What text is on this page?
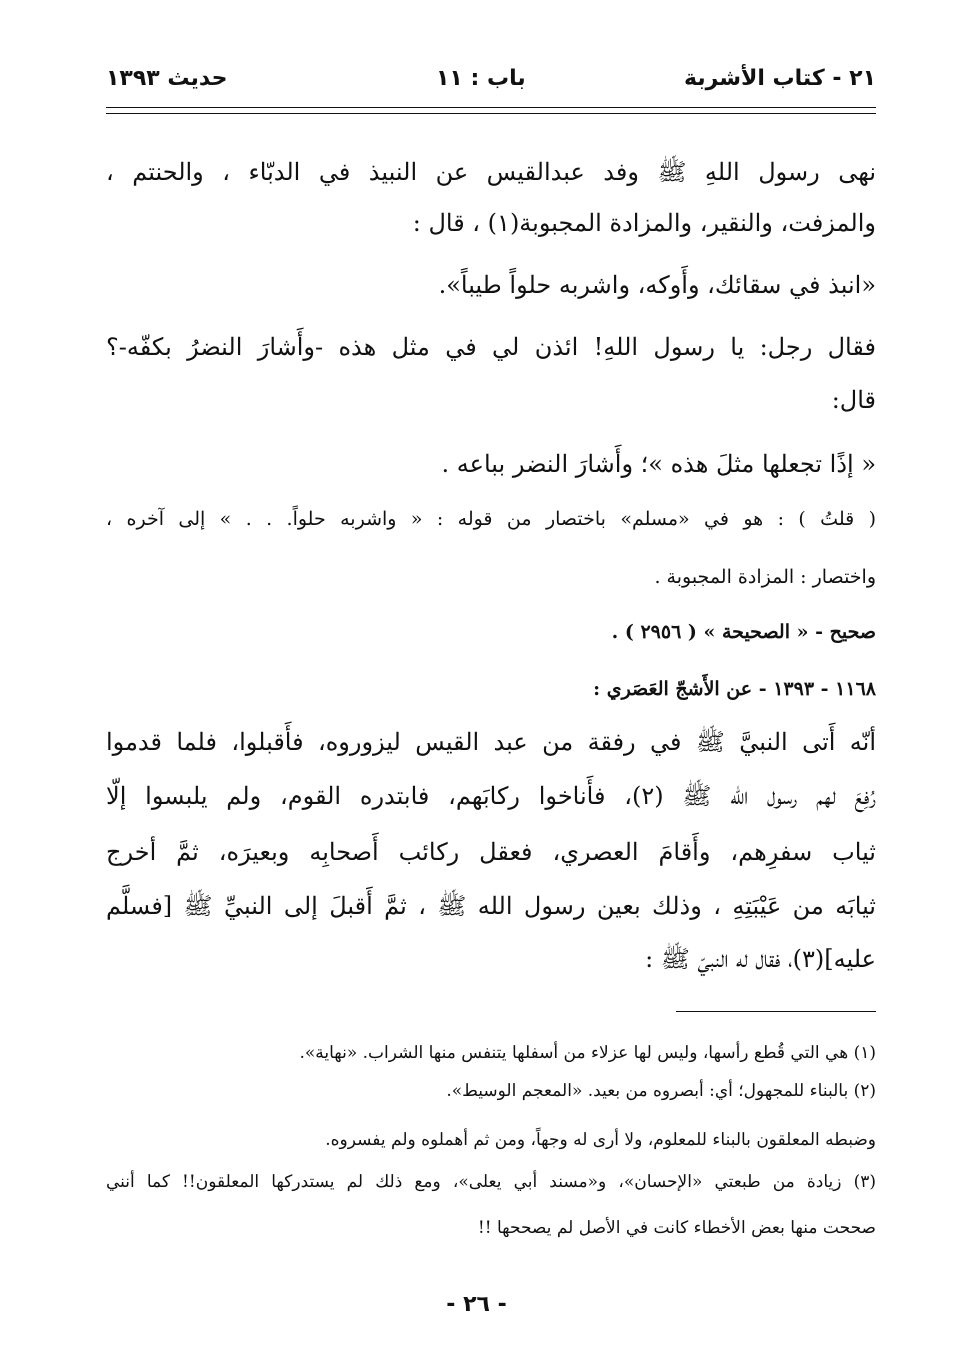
٢١ - كتاب الأشربة
باب : ١١
حديث ١٣٩٣
نهى رسول اللهِ ﷺ وفد عبدالقيس عن النبيذ في الدبّاء ، والحنتم ،
والمزفت، والنقير، والمزادة المجبوبة(١) ، قال :
«انبذ في سقائك، وأَوكه، واشربه حلواً طيباً».
فقال رجل: يا رسول اللهِ! ائذن لي في مثل هذه -وأَشارَ النضرُ بكفّه-؟
قال:
« إذًا تجعلها مثلَ هذه »؛ وأَشارَ النضر بباعه .
( قلتُ ) : هو في «مسلم» باختصار من قوله : « واشربه حلواً. . . » إلى آخره ،
واختصار : المزادة المجبوبة .
صحيح - « الصحيحة » ( ٢٩٥٦ ) .
١١٦٨ - ١٣٩٣ - عن الأَشجّ العَصَري :
أنّه أَتى النبيَّ ﷺ في رفقة من عبد القيس ليزوروه، فأَقبلوا، فلما قدموا
رُفِعَ لهم رسول الله ﷺ (٢)، فأَناخوا ركابَهم، فابتدره القوم، ولم يلبسوا إلّا
ثياب سفرِهم، وأَقامَ العصري، فعقل ركائب أَصحابِه وبعيرَه، ثمَّ أخرج
ثيابَه من عَيْبَتِهِ ، وذلك بعين رسول الله ﷺ ، ثمَّ أَقبلَ إلى النبيِّ ﷺ [فسلَّم
عليه](٣)، فقال له النبيّ ﷺ :
(١) هي التي قُطع رأسها، وليس لها عزلاء من أسفلها يتنفس منها الشراب. «نهاية».
(٢) بالبناء للمجهول؛ أي: أبصروه من بعيد. «المعجم الوسيط».
وضبطه المعلقون بالبناء للمعلوم، ولا أرى له وجهاً، ومن ثم أهملوه ولم يفسروه.
(٣) زيادة من طبعتي «الإحسان»، و«مسند أبي يعلى»، ومع ذلك لم يستدركها المعلقون!! كما أنني
صححت منها بعض الأخطاء كانت في الأصل لم يصححها !!
- ٢٦ -
